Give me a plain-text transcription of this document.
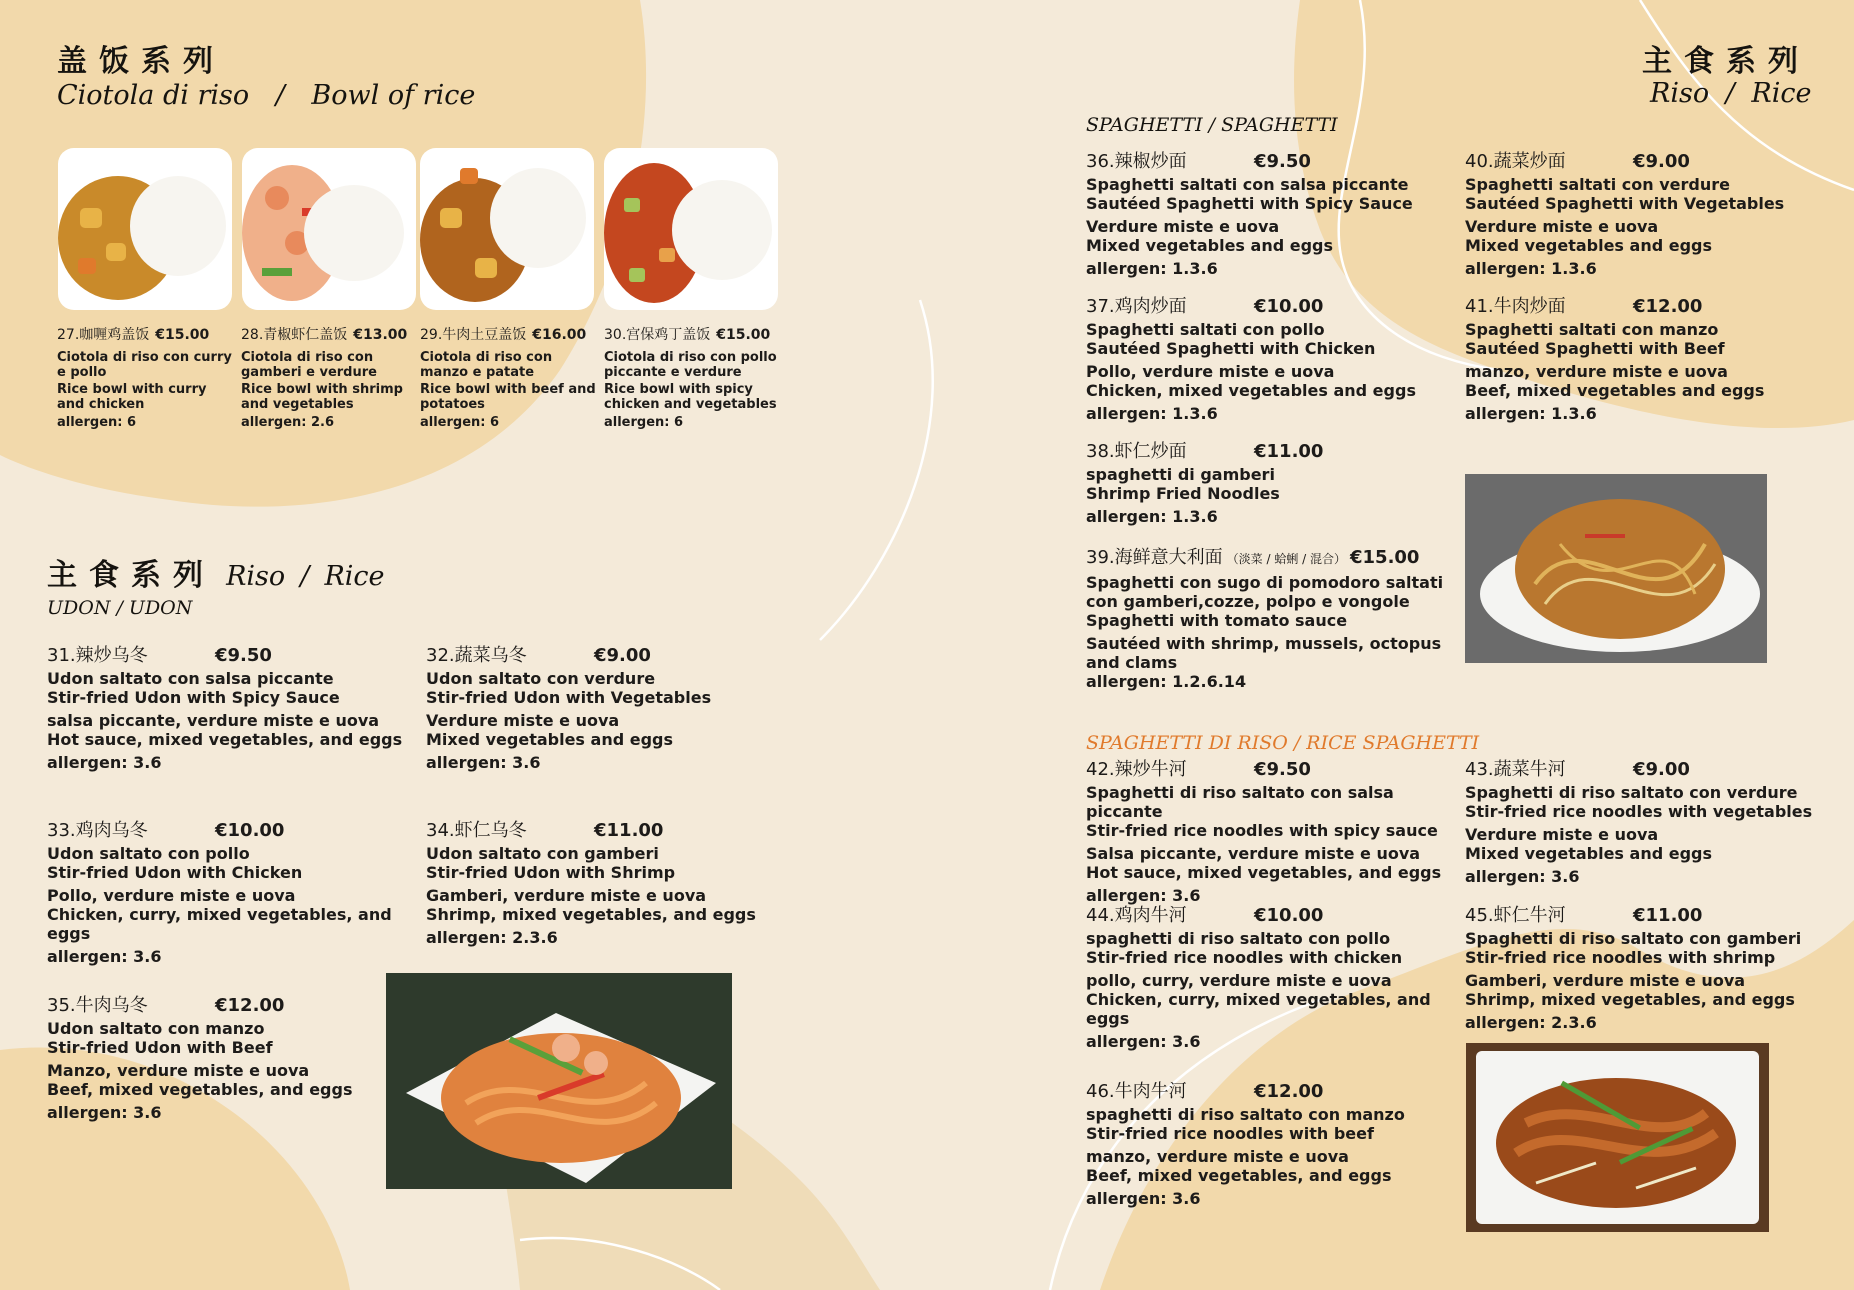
盖饭系列
Ciotola di riso / Bowl of rice
27.咖喱鸡盖饭 €15.00
Ciotola di riso con curry e pollo
Rice bowl with curry and chicken
allergen: 6
28.青椒虾仁盖饭 €13.00
Ciotola di riso con gamberi e verdure
Rice bowl with shrimp and vegetables
allergen: 2.6
29.牛肉土豆盖饭 €16.00
Ciotola di riso con manzo e patate
Rice bowl with beef and potatoes
allergen: 6
30.宫保鸡丁盖饭 €15.00
Ciotola di riso con pollo piccante e verdure
Rice bowl with spicy chicken and vegetables
allergen: 6
主食系列 Riso / Rice
UDON / UDON
31.辣炒乌冬	€9.50
Udon saltato con salsa piccante
Stir-fried Udon with Spicy Sauce
salsa piccante, verdure miste e uova
Hot sauce, mixed vegetables, and eggs
allergen: 3.6
32.蔬菜乌冬	€9.00
Udon saltato con verdure
Stir-fried Udon with Vegetables
Verdure miste e uova
Mixed vegetables and eggs
allergen: 3.6
33.鸡肉乌冬	€10.00
Udon saltato con pollo
Stir-fried Udon with Chicken
Pollo, verdure miste e uova
Chicken, curry, mixed vegetables, and eggs
allergen: 3.6
34.虾仁乌冬	€11.00
Udon saltato con gamberi
Stir-fried Udon with Shrimp
Gamberi, verdure miste e uova
Shrimp, mixed vegetables, and eggs
allergen: 2.3.6
35.牛肉乌冬	€12.00
Udon saltato con manzo
Stir-fried Udon with Beef
Manzo, verdure miste e uova
Beef, mixed vegetables, and eggs
allergen: 3.6
主食系列
Riso / Rice
SPAGHETTI / SPAGHETTI
36.辣椒炒面	€9.50
Spaghetti saltati con salsa piccante
Sautéed Spaghetti with Spicy Sauce
Verdure miste e uova
Mixed vegetables and eggs
allergen: 1.3.6
40.蔬菜炒面	€9.00
Spaghetti saltati con verdure
Sautéed Spaghetti with Vegetables
Verdure miste e uova
Mixed vegetables and eggs
allergen: 1.3.6
37.鸡肉炒面	€10.00
Spaghetti saltati con pollo
Sautéed Spaghetti with Chicken
Pollo, verdure miste e uova
Chicken, mixed vegetables and eggs
allergen: 1.3.6
41.牛肉炒面	€12.00
Spaghetti saltati con manzo
Sautéed Spaghetti with Beef
manzo, verdure miste e uova
Beef, mixed vegetables and eggs
allergen: 1.3.6
38.虾仁炒面	€11.00
spaghetti di gamberi
Shrimp Fried Noodles
allergen: 1.3.6
39.海鲜意大利面 （淡菜 / 蛤蜊 / 混合） €15.00
Spaghetti con sugo di pomodoro saltati con gamberi,cozze, polpo e vongole
Spaghetti with tomato sauce
Sautéed with shrimp, mussels, octopus and clams
allergen: 1.2.6.14
SPAGHETTI DI RISO / RICE SPAGHETTI
42.辣炒牛河	€9.50
Spaghetti di riso saltato con salsa piccante
Stir-fried rice noodles with spicy sauce
Salsa piccante, verdure miste e uova
Hot sauce, mixed vegetables, and eggs
allergen: 3.6
43.蔬菜牛河	€9.00
Spaghetti di riso saltato con verdure
Stir-fried rice noodles with vegetables
Verdure miste e uova
Mixed vegetables and eggs
allergen: 3.6
44.鸡肉牛河	€10.00
spaghetti di riso saltato con pollo
Stir-fried rice noodles with chicken
pollo, curry, verdure miste e uova
Chicken, curry, mixed vegetables, and eggs
allergen: 3.6
45.虾仁牛河	€11.00
Spaghetti di riso saltato con gamberi
Stir-fried rice noodles with shrimp
Gamberi, verdure miste e uova
Shrimp, mixed vegetables, and eggs
allergen: 2.3.6
46.牛肉牛河	€12.00
spaghetti di riso saltato con manzo
Stir-fried rice noodles with beef
manzo, verdure miste e uova
Beef, mixed vegetables, and eggs
allergen: 3.6
